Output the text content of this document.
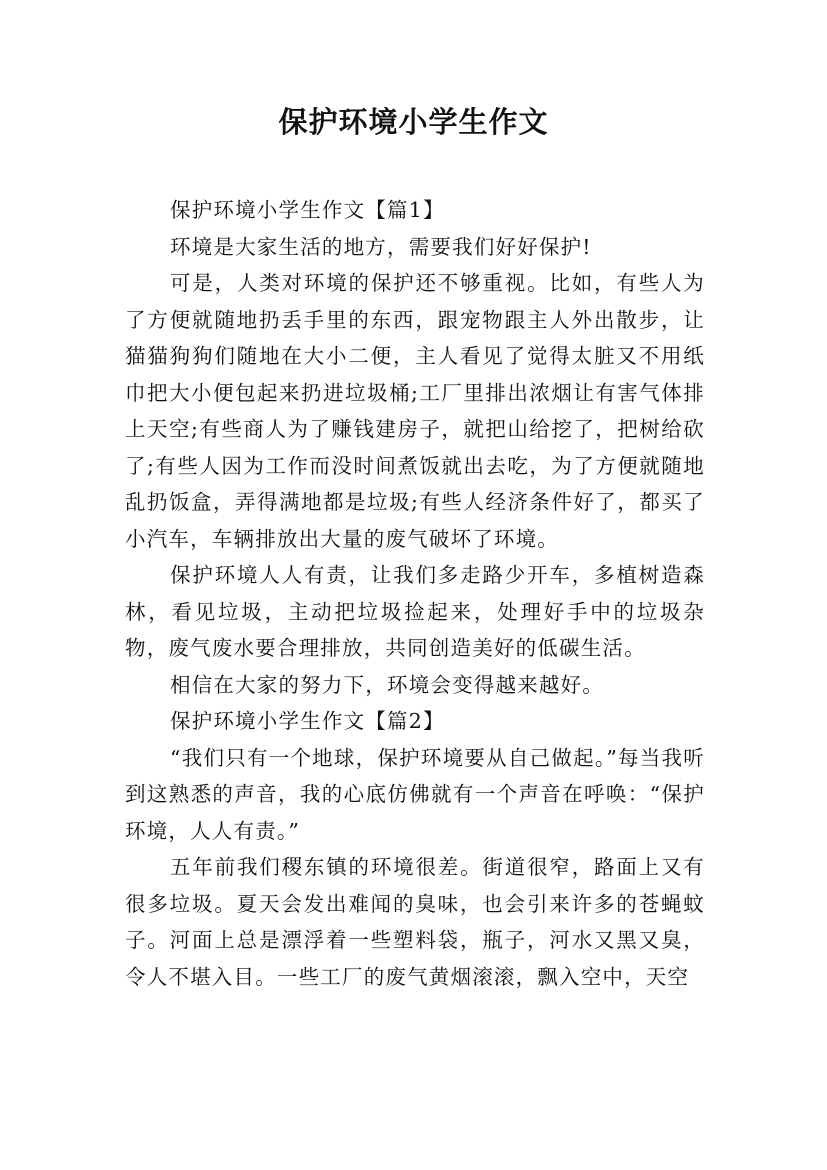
保护环境小学生作文

保护环境小学生作文【篇1】

环境是大家生活的地方，需要我们好好保护!

可是，人类对环境的保护还不够重视。比如，有些人为了方便就随地扔丢手里的东西，跟宠物跟主人外出散步，让猫猫狗狗们随地在大小二便，主人看见了觉得太脏又不用纸巾把大小便包起来扔进垃圾桶;工厂里排出浓烟让有害气体排上天空;有些商人为了赚钱建房子，就把山给挖了，把树给砍了;有些人因为工作而没时间煮饭就出去吃，为了方便就随地乱扔饭盒，弄得满地都是垃圾;有些人经济条件好了，都买了小汽车，车辆排放出大量的废气破坏了环境。

保护环境人人有责，让我们多走路少开车，多植树造森林，看见垃圾，主动把垃圾捡起来，处理好手中的垃圾杂物，废气废水要合理排放，共同创造美好的低碳生活。

相信在大家的努力下，环境会变得越来越好。

保护环境小学生作文【篇2】

“我们只有一个地球，保护环境要从自己做起。”每当我听到这熟悉的声音，我的心底仿佛就有一个声音在呼唤：“保护环境，人人有责。”

五年前我们稷东镇的环境很差。街道很窄，路面上又有很多垃圾。夏天会发出难闻的臭味，也会引来许多的苍蝇蚊子。河面上总是漂浮着一些塑料袋，瓶子，河水又黑又臭，令人不堪入目。一些工厂的废气黄烟滚滚，飘入空中，天空
